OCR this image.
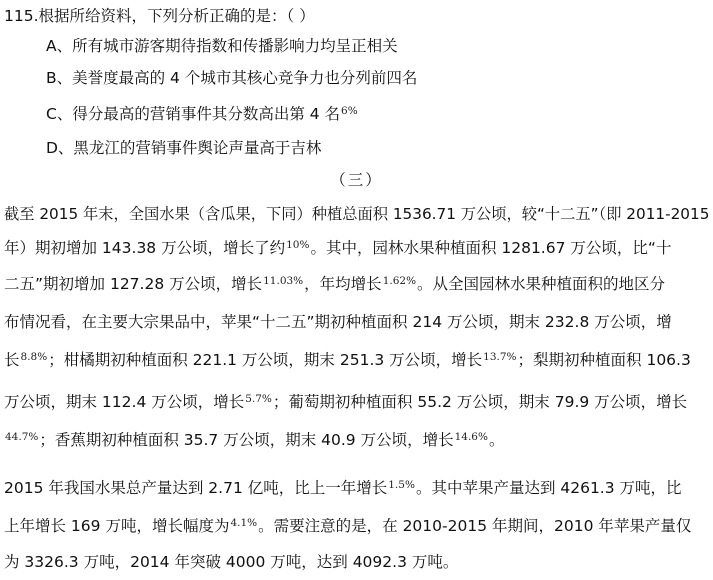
115.根据所给资料，下列分析正确的是：（ ）
A、所有城市游客期待指数和传播影响力均呈正相关
B、美誉度最高的 4 个城市其核心竞争力也分列前四名
C、得分最高的营销事件其分数高出第 4 名$^{6\%}$
D、黑龙江的营销事件舆论声量高于吉林
（三）
截至 2015 年末，全国水果（含瓜果，下同）种植总面积 1536.71 万公顷，较“十二五”（即 2011-2015
年）期初增加 143.38 万公顷，增长了约$^{10\%}$。其中，园林水果种植面积 1281.67 万公顷，比“十
二五”期初增加 127.28 万公顷，增长$^{11.03\%}$，年均增长$^{1.62\%}$。从全国园林水果种植面积的地区分
布情况看，在主要大宗果品中，苹果“十二五”期初种植面积 214 万公顷，期末 232.8 万公顷，增
长$^{8.8\%}$；柑橘期初种植面积 221.1 万公顷，期末 251.3 万公顷，增长$^{13.7\%}$；梨期初种植面积 106.3
万公顷，期末 112.4 万公顷，增长$^{5.7\%}$；葡萄期初种植面积 55.2 万公顷，期末 79.9 万公顷，增长
$^{44.7\%}$；香蕉期初种植面积 35.7 万公顷，期末 40.9 万公顷，增长$^{14.6\%}$。
2015 年我国水果总产量达到 2.71 亿吨，比上一年增长$^{1.5\%}$。其中苹果产量达到 4261.3 万吨，比
上年增长 169 万吨，增长幅度为$^{4.1\%}$。需要注意的是，在 2010-2015 年期间，2010 年苹果产量仅
为 3326.3 万吨，2014 年突破 4000 万吨，达到 4092.3 万吨。
